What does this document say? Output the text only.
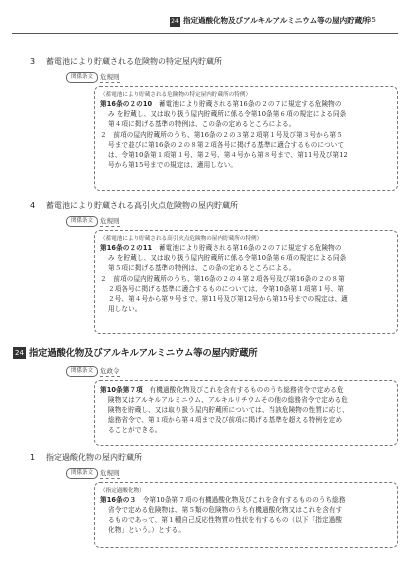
24 指定過酸化物及びアルキルアルミニウム等の屋内貯蔵所
35
3 蓄電池により貯蔵される危険物の特定屋内貯蔵所
関係条文	危規則
（蓄電池により貯蔵される危険物の特定屋内貯蔵所の特例）
第16条の２の10　蓄電池により貯蔵される第16条の２の７に規定する危険物の
み を貯蔵し、又は取り扱う屋内貯蔵所に係る令第10条第６項の規定による同条
第４項に掲げる基準の特例は、この条の定めるところによる。
２　前項の屋内貯蔵所のうち、第16条の２の３第２項第１号及び第３号から第５
号まで並びに第16条の２の８第２項各号に掲げる基準に適合するものについて
は、令第10条第１項第１号、第２号、第４号から第８号まで、第11号及び第12
号から第15号までの規定は、適用しない。
4 蓄電池により貯蔵される高引火点危険物の屋内貯蔵所
関係条文	危規則
（蓄電池により貯蔵される高引火点危険物の屋内貯蔵所の特例）
第16条の２の11　蓄電池により貯蔵される第16条の２の７に規定する危険物の
み を貯蔵し、又は取り扱う屋内貯蔵所に係る令第10条第６項の規定による同条
第５項に掲げる基準の特例は、この条の定めるところによる。
２　前項の屋内貯蔵所のうち、第16条の２の４第２項各号及び第16条の２の８第
２項各号に掲げる基準に適合するものについては、令第10条第１項第１号、第
２号、第４号から第９号まで、第11号及び第12号から第15号までの規定は、適
用しない。
24 指定過酸化物及びアルキルアルミニウム等の屋内貯蔵所
関係条文	危政令
第10条第７項　有機過酸化物及びこれを含有するもののうち総務省令で定める危
険物又はアルキルアルミニウム、アルキルリチウムその他の総務省令で定める危
険物を貯蔵し、又は取り扱う屋内貯蔵所については、当該危険物の性質に応じ、
総務省令で、第１項から第４項まで及び前項に掲げる基準を超える特例を定め
ることができる。
1 指定過酸化物の屋内貯蔵所
関係条文	危規則
（指定過酸化物）
第16条の３　令第10条第７項の有機過酸化物及びこれを含有するもののうち総務
省令で定める危険物は、第５類の危険物のうち有機過酸化物又はこれを含有す
るものであって、第１種自己反応性物質の性状を有するもの（以下「指定過酸
化物」という。）とする。
